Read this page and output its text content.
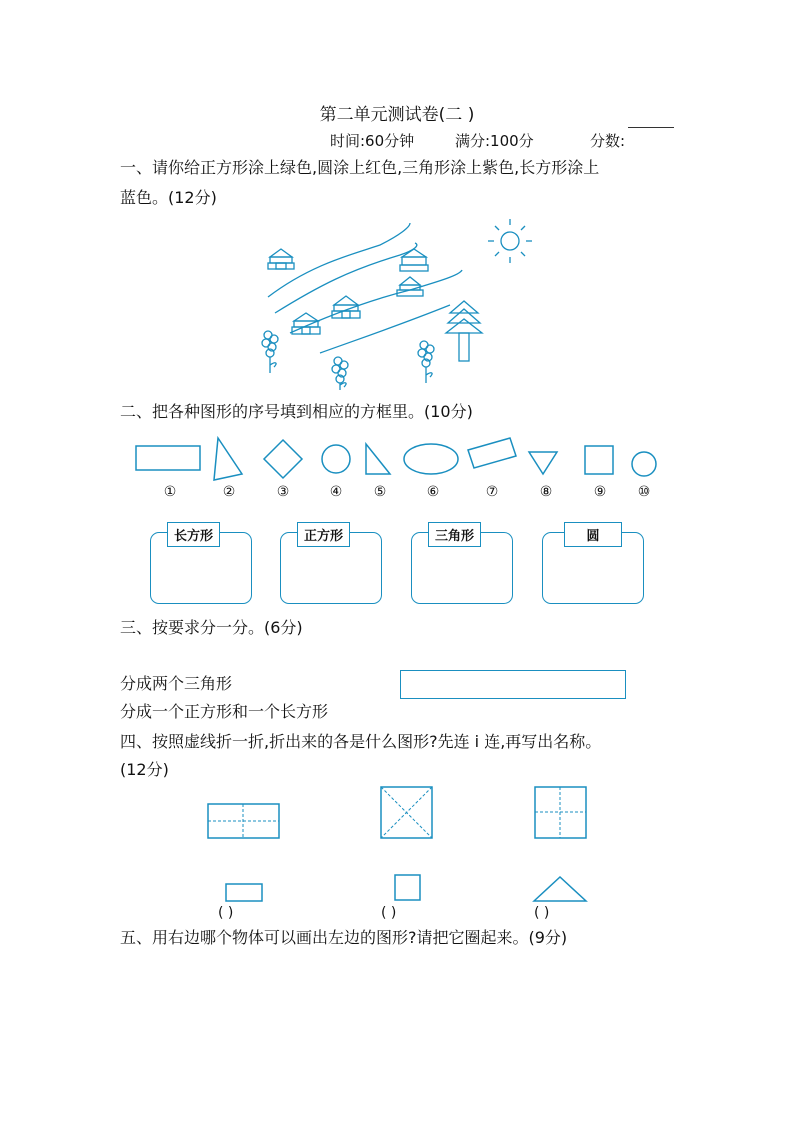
第二单元测试卷(二 )
时间:60分钟	满分:100分	分数:
一、请你给正方形涂上绿色,圆涂上红色,三角形涂上紫色,长方形涂上
蓝色。(12分)
二、把各种图形的序号填到相应的方框里。(10分)
①	②	③	④	⑤	⑥	⑦	⑧	⑨	⑩
长方形	正方形	三角形	圆
三、按要求分一分。(6分)
分成两个三角形
分成一个正方形和一个长方形
四、按照虚线折一折,折出来的各是什么图形?先连 i 连,再写出名称。
(12分)
( )	( )	( )
五、用右边哪个物体可以画出左边的图形?请把它圈起来。(9分)
